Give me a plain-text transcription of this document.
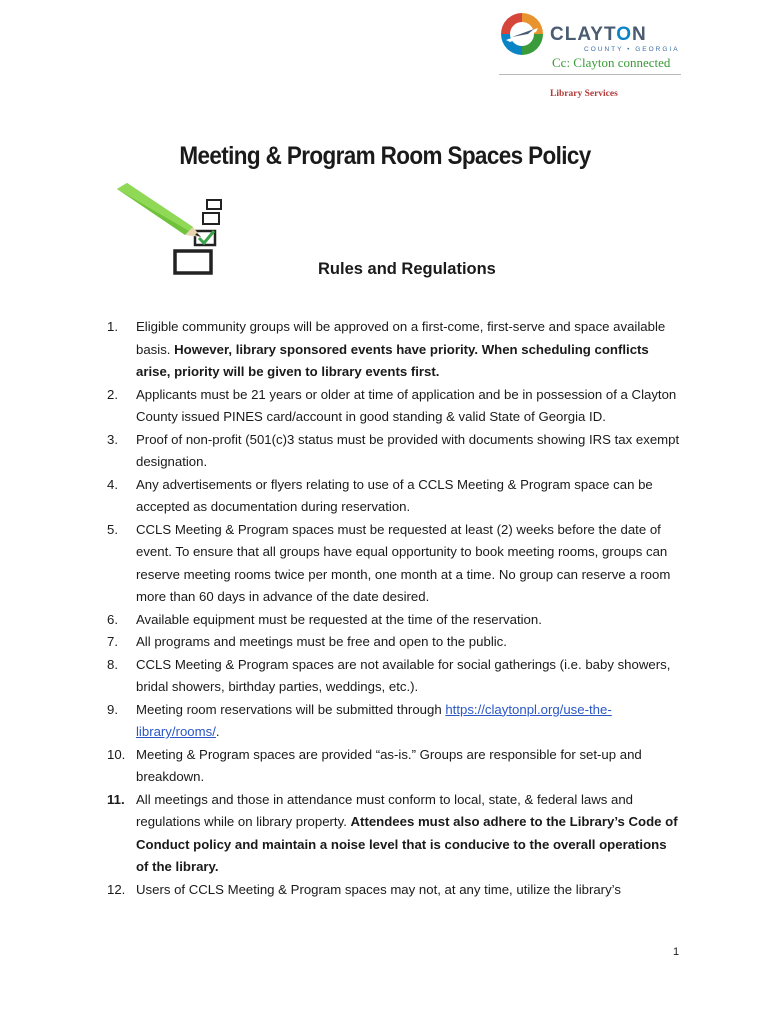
CLAYTON
COUNTY • GEORGIA
Cc: Clayton connected
Library Services
Meeting & Program Room Spaces Policy
Rules and Regulations
1.	Eligible community groups will be approved on a first-come, first-serve and space available basis. However, library sponsored events have priority. When scheduling conflicts arise, priority will be given to library events first.
2.	Applicants must be 21 years or older at time of application and be in possession of a Clayton County issued PINES card/account in good standing & valid State of Georgia ID.
3.	Proof of non-profit (501(c)3 status must be provided with documents showing IRS tax exempt designation.
4.	Any advertisements or flyers relating to use of a CCLS Meeting & Program space can be accepted as documentation during reservation.
5.	CCLS Meeting & Program spaces must be requested at least (2) weeks before the date of event. To ensure that all groups have equal opportunity to book meeting rooms, groups can reserve meeting rooms twice per month, one month at a time. No group can reserve a room more than 60 days in advance of the date desired.
6.	Available equipment must be requested at the time of the reservation.
7.	All programs and meetings must be free and open to the public.
8.	CCLS Meeting & Program spaces are not available for social gatherings (i.e. baby showers, bridal showers, birthday parties, weddings, etc.).
9.	Meeting room reservations will be submitted through https://claytonpl.org/use-the-library/rooms/.
10. Meeting & Program spaces are provided “as-is.” Groups are responsible for set-up and breakdown.
11. All meetings and those in attendance must conform to local, state, & federal laws and regulations while on library property. Attendees must also adhere to the Library’s Code of Conduct policy and maintain a noise level that is conducive to the overall operations of the library.
12. Users of CCLS Meeting & Program spaces may not, at any time, utilize the library’s
1
